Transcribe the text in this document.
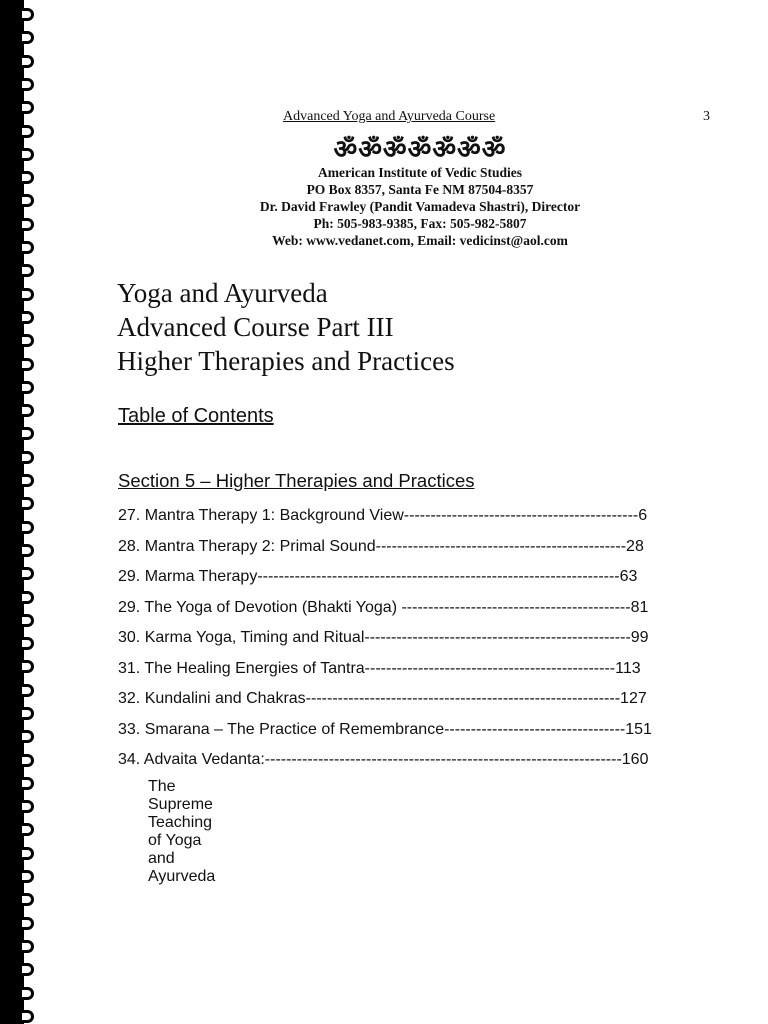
Advanced Yoga and Ayurveda Course	3
ॐॐॐॐॐॐॐ
American Institute of Vedic Studies
PO Box 8357, Santa Fe NM 87504-8357
Dr. David Frawley (Pandit Vamadeva Shastri), Director
Ph: 505-983-9385, Fax: 505-982-5807
Web: www.vedanet.com, Email: vedicinst@aol.com
Yoga and Ayurveda
Advanced Course Part III
Higher Therapies and Practices
Table of Contents
Section 5 – Higher Therapies and Practices
27. Mantra Therapy 1: Background View--------------------------------------------6
28. Mantra Therapy 2: Primal Sound-----------------------------------------------28
29. Marma Therapy--------------------------------------------------------------------63
29. The Yoga of Devotion (Bhakti Yoga) -------------------------------------------81
30. Karma Yoga, Timing and Ritual--------------------------------------------------99
31. The Healing Energies of Tantra-----------------------------------------------113
32. Kundalini and Chakras-----------------------------------------------------------127
33. Smarana – The Practice of Remembrance----------------------------------151
34. Advaita Vedanta:-------------------------------------------------------------------160
The Supreme Teaching of Yoga and Ayurveda
